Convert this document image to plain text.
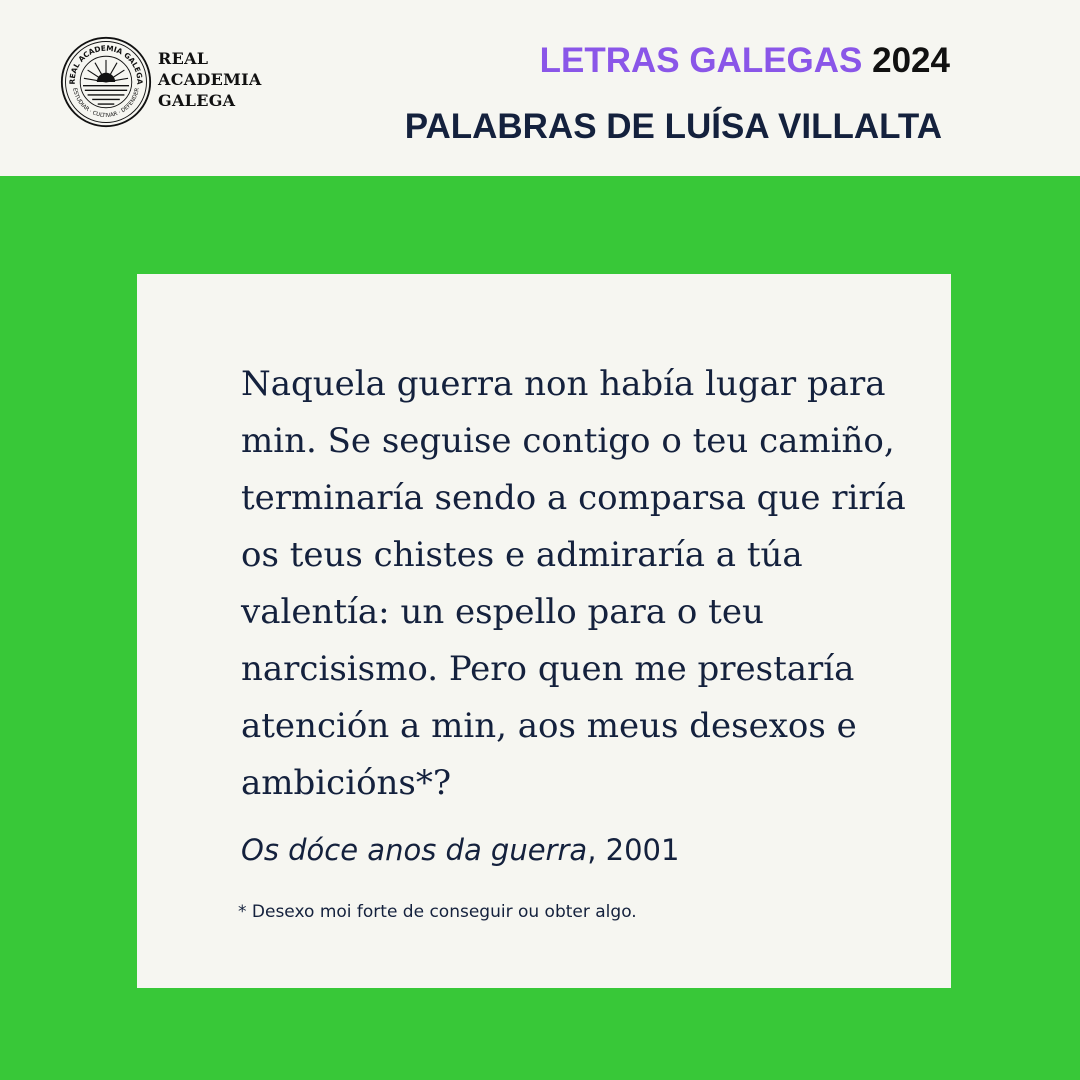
REAL ACADEMIA GALEGA
ESTUDIAR · CULTIVAR · DEFENDER
REAL
ACADEMIA
GALEGA
LETRAS GALEGAS 2024
PALABRAS DE LUÍSA VILLALTA

Naquela guerra non había lugar para
min. Se seguise contigo o teu camiño,
terminaría sendo a comparsa que riría
os teus chistes e admiraría a túa
valentía: un espello para o teu
narcisismo. Pero quen me prestaría
atención a min, aos meus desexos e
ambicións*?

Os dóce anos da guerra, 2001
* Desexo moi forte de conseguir ou obter algo.
